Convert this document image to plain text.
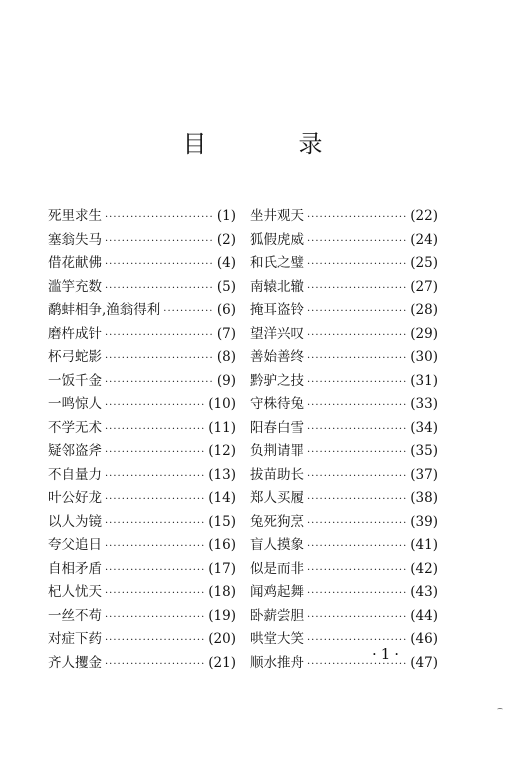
目　录
死里求生 ·····	(1)
塞翁失马 ·····	(2)
借花献佛 ·····	(4)
滥竽充数 ·····	(5)
鹬蚌相争,渔翁得利 ·····	(6)
磨杵成针 ·····	(7)
杯弓蛇影 ·····	(8)
一饭千金 ·····	(9)
一鸣惊人 ·····	(10)
不学无术 ·····	(11)
疑邻盗斧 ·····	(12)
不自量力 ·····	(13)
叶公好龙 ·····	(14)
以人为镜 ·····	(15)
夸父追日 ·····	(16)
自相矛盾 ·····	(17)
杞人忧天 ·····	(18)
一丝不苟 ·····	(19)
对症下药 ·····	(20)
齐人攫金 ·····	(21)
坐井观天 ·····	(22)
狐假虎威 ·····	(24)
和氏之璧 ·····	(25)
南辕北辙 ·····	(27)
掩耳盗铃 ·····	(28)
望洋兴叹 ·····	(29)
善始善终 ·····	(30)
黔驴之技 ·····	(31)
守株待兔 ·····	(33)
阳春白雪 ·····	(34)
负荆请罪 ·····	(35)
拔苗助长 ·····	(37)
郑人买履 ·····	(38)
兔死狗烹 ·····	(39)
盲人摸象 ·····	(41)
似是而非 ·····	(42)
闻鸡起舞 ·····	(43)
卧薪尝胆 ·····	(44)
哄堂大笑 ·····	(46)
顺水推舟 ·····	(47)
·1·
